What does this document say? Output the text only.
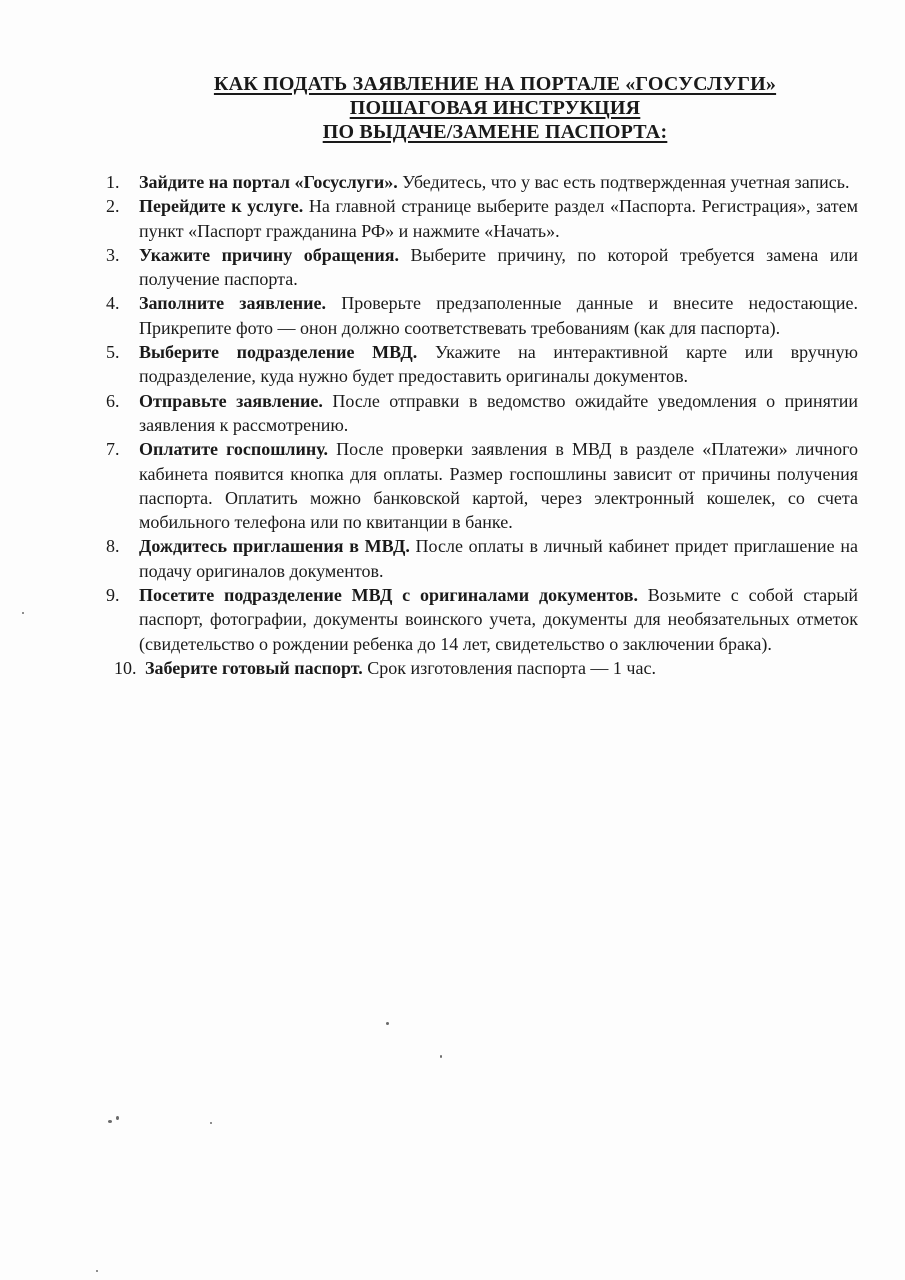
КАК ПОДАТЬ ЗАЯВЛЕНИЕ НА ПОРТАЛЕ «ГОСУСЛУГИ»
ПОШАГОВАЯ ИНСТРУКЦИЯ
ПО ВЫДАЧЕ/ЗАМЕНЕ ПАСПОРТА:
1.	Зайдите на портал «Госуслуги». Убедитесь, что у вас есть подтвержденная учетная запись.
2.	Перейдите к услуге. На главной странице выберите раздел «Паспорта. Регистрация», затем пункт «Паспорт гражданина РФ» и нажмите «Начать».
3.	Укажите причину обращения. Выберите причину, по которой требуется замена или получение паспорта.
4.	Заполните заявление. Проверьте предзаполенные данные и внесите недостающие. Прикрепите фото — онон должно соответствевать требованиям (как для паспорта).
5.	Выберите подразделение МВД. Укажите на интерактивной карте или вручную подразделение, куда нужно будет предоставить оригиналы документов.
6.	Отправьте заявление. После отправки в ведомство ожидайте уведомления о принятии заявления к рассмотрению.
7.	Оплатите госпошлину. После проверки заявления в МВД в разделе «Платежи» личного кабинета появится кнопка для оплаты. Размер госпошлины зависит от причины получения паспорта. Оплатить можно банковской картой, через электронный кошелек, со счета мобильного телефона или по квитанции в банке.
8.	Дождитесь приглашения в МВД. После оплаты в личный кабинет придет приглашение на подачу оригиналов документов.
9.	Посетите подразделение МВД с оригиналами документов. Возьмите с собой старый паспорт, фотографии, документы воинского учета, документы для необязательных отметок (свидетельство о рождении ребенка до 14 лет, свидетельство о заключении брака).
10. Заберите готовый паспорт. Срок изготовления паспорта — 1 час.
